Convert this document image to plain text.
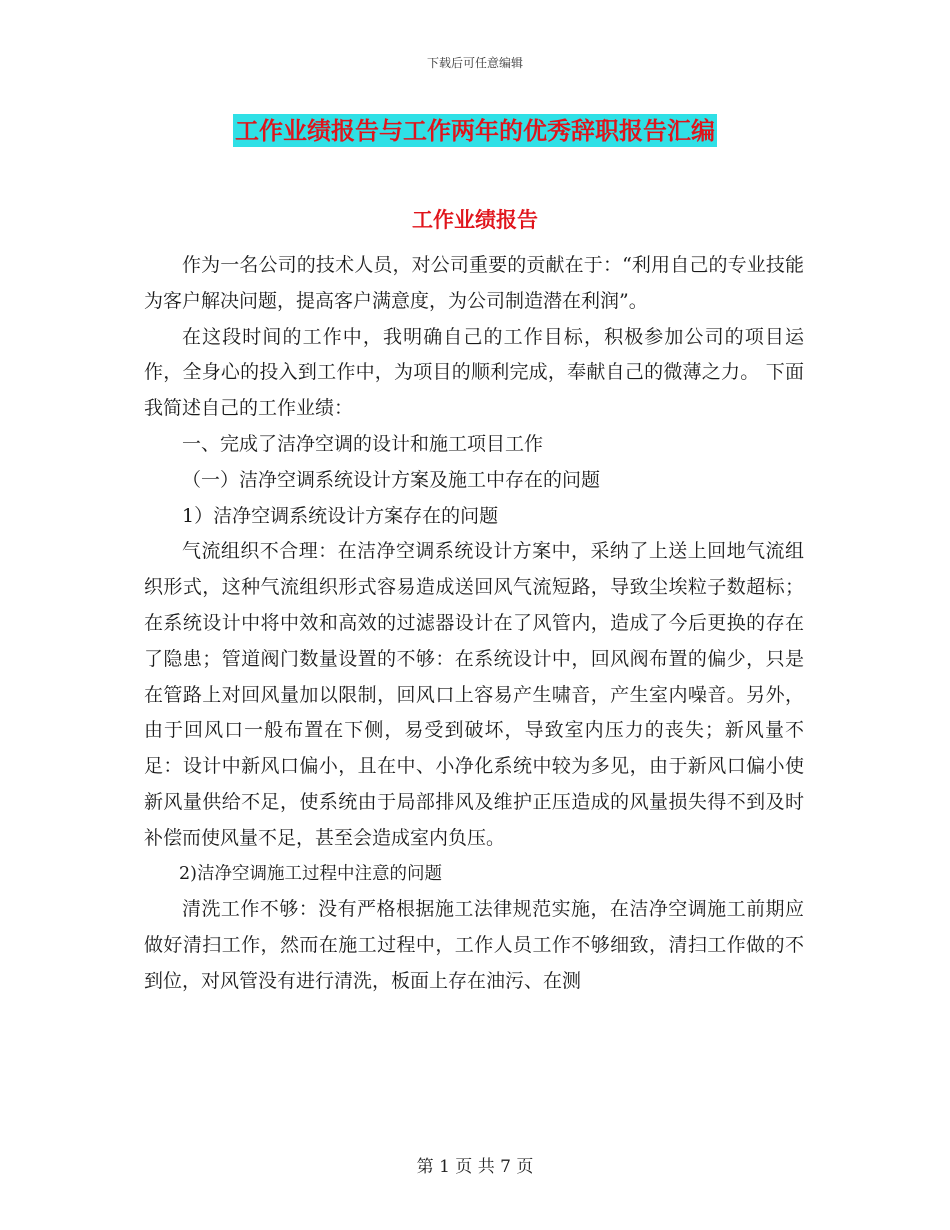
下载后可任意编辑
工作业绩报告与工作两年的优秀辞职报告汇编
工作业绩报告

作为一名公司的技术人员，对公司重要的贡献在于：“利用自己的专业技能为客户解决问题，提高客户满意度，为公司制造潜在利润”。

在这段时间的工作中，我明确自己的工作目标，积极参加公司的项目运作，全身心的投入到工作中，为项目的顺利完成，奉献自己的微薄之力。 下面我简述自己的工作业绩：

一、完成了洁净空调的设计和施工项目工作

（一）洁净空调系统设计方案及施工中存在的问题

1）洁净空调系统设计方案存在的问题

气流组织不合理：在洁净空调系统设计方案中，采纳了上送上回地气流组织形式，这种气流组织形式容易造成送回风气流短路，导致尘埃粒子数超标；在系统设计中将中效和高效的过滤器设计在了风管内，造成了今后更换的存在了隐患；管道阀门数量设置的不够：在系统设计中，回风阀布置的偏少，只是在管路上对回风量加以限制，回风口上容易产生啸音，产生室内噪音。另外，由于回风口一般布置在下侧，易受到破坏，导致室内压力的丧失；新风量不足：设计中新风口偏小，且在中、小净化系统中较为多见，由于新风口偏小使新风量供给不足，使系统由于局部排风及维护正压造成的风量损失得不到及时补偿而使风量不足，甚至会造成室内负压。

2)洁净空调施工过程中注意的问题

清洗工作不够：没有严格根据施工法律规范实施，在洁净空调施工前期应做好清扫工作，然而在施工过程中，工作人员工作不够细致，清扫工作做的不到位，对风管没有进行清洗，板面上存在油污、在测

第 1 页 共 7 页
